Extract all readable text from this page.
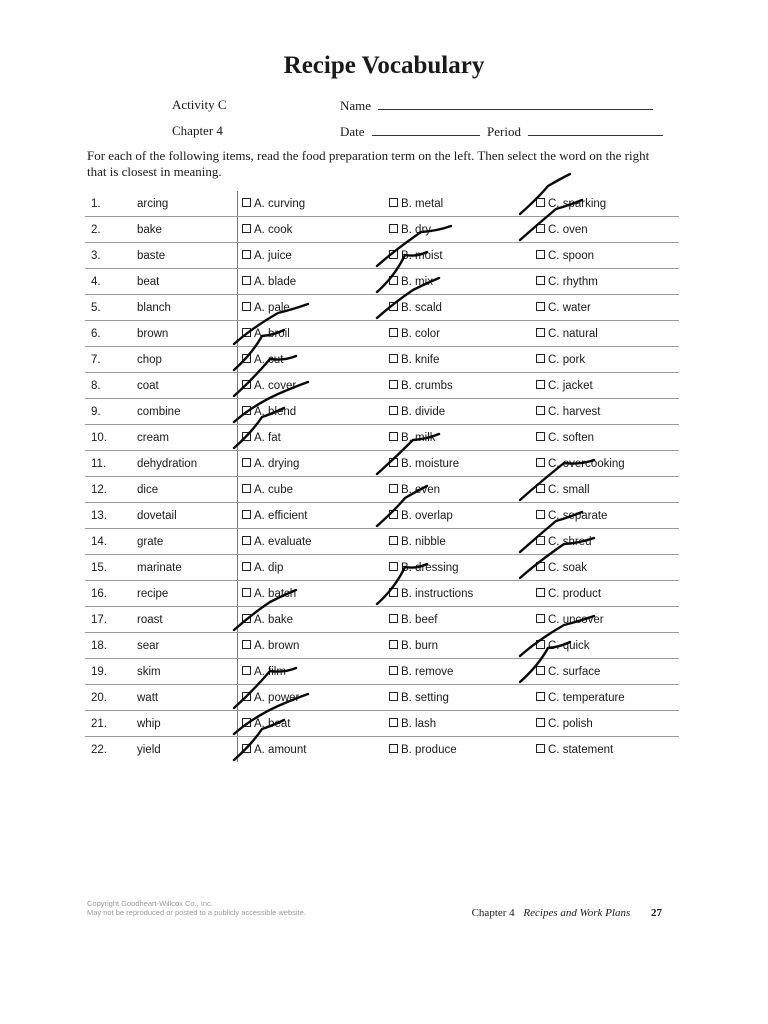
Recipe Vocabulary
Activity C	Name
Chapter 4	Date	Period
For each of the following items, read the food preparation term on the left. Then select the word on the right that is closest in meaning.
1.	arcing	A. curving	B. metal	C. sparking
2.	bake	A. cook	B. dry	C. oven
3.	baste	A. juice	B. moist	C. spoon
4.	beat	A. blade	B. mix	C. rhythm
5.	blanch	A. pale	B. scald	C. water
6.	brown	A. broil	B. color	C. natural
7.	chop	A. cut	B. knife	C. pork
8.	coat	A. cover	B. crumbs	C. jacket
9.	combine	A. blend	B. divide	C. harvest
10.	cream	A. fat	B. milk	C. soften
11.	dehydration	A. drying	B. moisture	C. overcooking
12.	dice	A. cube	B. even	C. small
13.	dovetail	A. efficient	B. overlap	C. separate
14.	grate	A. evaluate	B. nibble	C. shred
15.	marinate	A. dip	B. dressing	C. soak
16.	recipe	A. batch	B. instructions	C. product
17.	roast	A. bake	B. beef	C. uncover
18.	sear	A. brown	B. burn	C. quick
19.	skim	A. film	B. remove	C. surface
20.	watt	A. power	B. setting	C. temperature
21.	whip	A. beat	B. lash	C. polish
22.	yield	A. amount	B. produce	C. statement
Copyright Goodheart-Willcox Co., Inc.
May not be reproduced or posted to a publicly accessible website.	Chapter 4 Recipes and Work Plans 27
